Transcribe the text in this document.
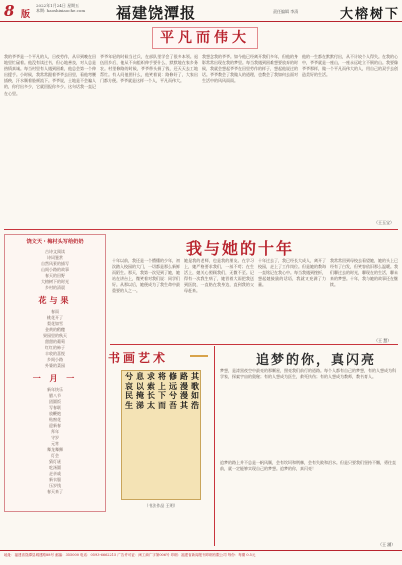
8 版
2022年1月24日 星期五
本期: haoshixiaoche.com 福建饶潭报	责任编辑 李清	大榕树下
平凡而伟大
我的爷爷是一个平凡的人，日夜劳作，从早到晚在田地里忙碌着。他没有读过书，但心地善良，对人总是热情真诚。每当村里有人遇到困难，他总会第一个伸出援手。小时候，我常常跟着爷爷去田里，看他弯腰插秧，汗水顺着脸颊流下。爷爷说，土地是不会骗人的，你付出多少，它就回报你多少。这句话我一直记在心里。
爷爷年轻的时候当过兵，在部队里学会了很多本领。退伍回乡后，他从不向组织伸手要什么，默默地在家乡务农。村里修路的时候，爷爷带头捐了钱，还天天去工地帮忙。有人问他图什么，他笑着说：路修好了，大家出门都方便。爷爷就是这样一个人，平凡而伟大。
我想念我的爷爷。如今他已经离开我们多年，但他的身影常常出现在我的梦里。每当我遇到困难想要放弃的时候，我就会想起爷爷在田里劳作的样子，想起他说过的话。爷爷教会了我做人的道理，也教会了我如何去面对生活中的风风雨雨。
他的一生都在默默付出，从不计较个人得失。在我的心中，爷爷就是一座山，一座永远屹立不倒的山。我要像爷爷那样，做一个平凡而伟大的人，用自己的双手去创造美好的生活。
（王玉宝）
饶文天・梅村头写给奶奶
古诗文阅读
诗词鉴赏
自然风景的描写
山间小路的故事
春天的田野
大榕树下的时光
乡村的清晨
花与果
春雨
桃花开了
梨花如雪
金黄的稻穗
果园里的秋天
甜甜的葡萄
红红的柿子
丰收的喜悦
乡间小路
外婆的菜园
一 月 一
新年快乐
腊八节
团圆饭
写春联
放鞭炮
贴窗花
迎新春
拜年
守岁
元宵
舞龙舞狮
灯会
猜灯谜
吃汤圆
走亲戚
新衣服
压岁钱
春天来了
我与她的十年
十年以前，我还是一个懵懂的少年，初次踏入校园的大门，一切都是那么新鲜而陌生。那天，我第一次见到了她，她站在讲台上，微笑着对我们说：同学们好。从那以后，她便成为了我生命中最重要的人之一。
她是我的老师，也是我的朋友。在学习上，她严格要求我们，一丝不苟；在生活上，她关心照顾我们，无微不至。记得有一次我生病了，她冒着大雨把我送到医院，一直陪在我身边，直到我的父母赶来。
十年过去了，我已经长大成人，离开了校园，走上了工作岗位。但是她的教诲一直铭记在我心中。每当我遇到挫折，想起她鼓励的话语，我就又充满了力量。
我常常回到母校去看望她，她的头上已经有了白发，但笑容依旧那么温暖。我们聊过去的时光，聊现在的生活，聊未来的梦想。十年，我与她的故事还在继续。
（王 慧）
书画艺术
其歌如浩
路漫漫其
修远兮吾
将上下而
求索长太
息以掩涕
兮哀民生
（书法作品 王明）
追梦的你，真闪亮
梦想，是漆黑夜空中最亮的那颗星，照亮我们前行的道路。每个人都有自己的梦想，有的人想成为科学家，探索宇宙的奥秘；有的人想成为医生，救死扶伤；有的人想成为教师，教书育人。
追梦的路上并不总是一帆风顺，会有坎坷和荆棘，会有失败和泪水。但是只要我们坚持不懈，勇往直前，就一定能够实现自己的梦想。追梦的你，真闪亮！
（王 涵）
地址：福建省饶潭县城建路88号 邮编：355000 电话：0593-6662215 广告许可证：闽工商广字第006号 印刷：福建省新闻报刊印刷有限公司 每份：每期 0.5元
